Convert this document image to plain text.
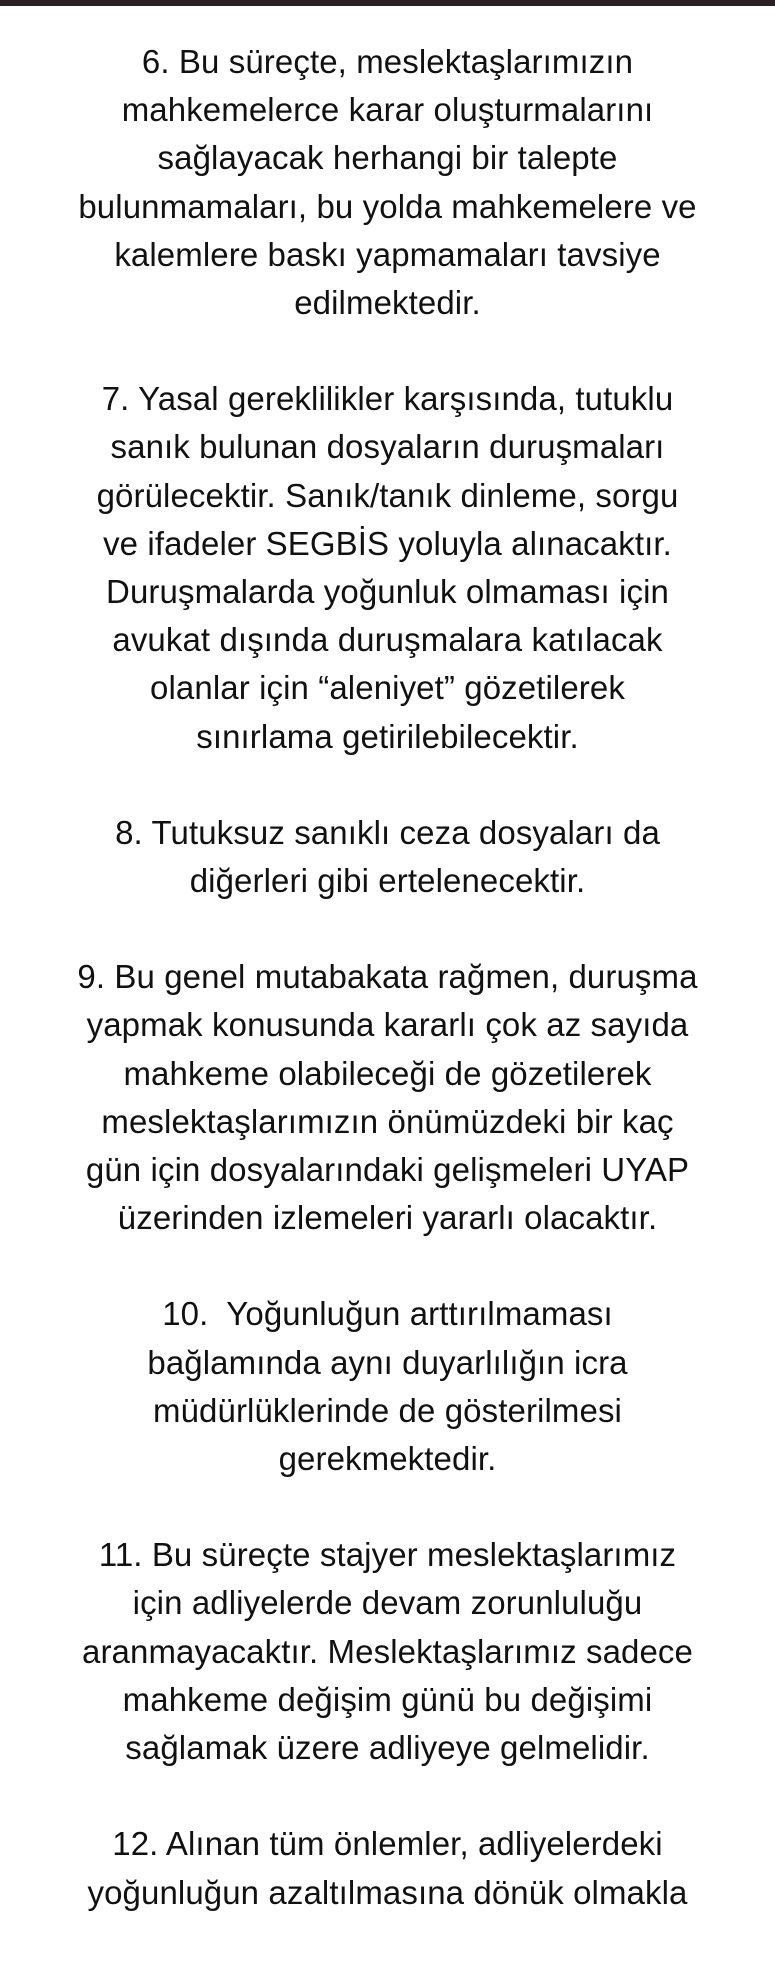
6. Bu süreçte, meslektaşlarımızın
mahkemelerce karar oluşturmalarını
sağlayacak herhangi bir talepte
bulunmamaları, bu yolda mahkemelere ve
kalemlere baskı yapmamaları tavsiye
edilmektedir.
7. Yasal gereklilikler karşısında, tutuklu
sanık bulunan dosyaların duruşmaları
görülecektir. Sanık/tanık dinleme, sorgu
ve ifadeler SEGBİS yoluyla alınacaktır.
Duruşmalarda yoğunluk olmaması için
avukat dışında duruşmalara katılacak
olanlar için “aleniyet” gözetilerek
sınırlama getirilebilecektir.
8. Tutuksuz sanıklı ceza dosyaları da
diğerleri gibi ertelenecektir.
9. Bu genel mutabakata rağmen, duruşma
yapmak konusunda kararlı çok az sayıda
mahkeme olabileceği de gözetilerek
meslektaşlarımızın önümüzdeki bir kaç
gün için dosyalarındaki gelişmeleri UYAP
üzerinden izlemeleri yararlı olacaktır.
10.  Yoğunluğun arttırılmaması
bağlamında aynı duyarlılığın icra
müdürlüklerinde de gösterilmesi
gerekmektedir.
11. Bu süreçte stajyer meslektaşlarımız
için adliyelerde devam zorunluluğu
aranmayacaktır. Meslektaşlarımız sadece
mahkeme değişim günü bu değişimi
sağlamak üzere adliyeye gelmelidir.
12. Alınan tüm önlemler, adliyelerdeki
yoğunluğun azaltılmasına dönük olmakla
